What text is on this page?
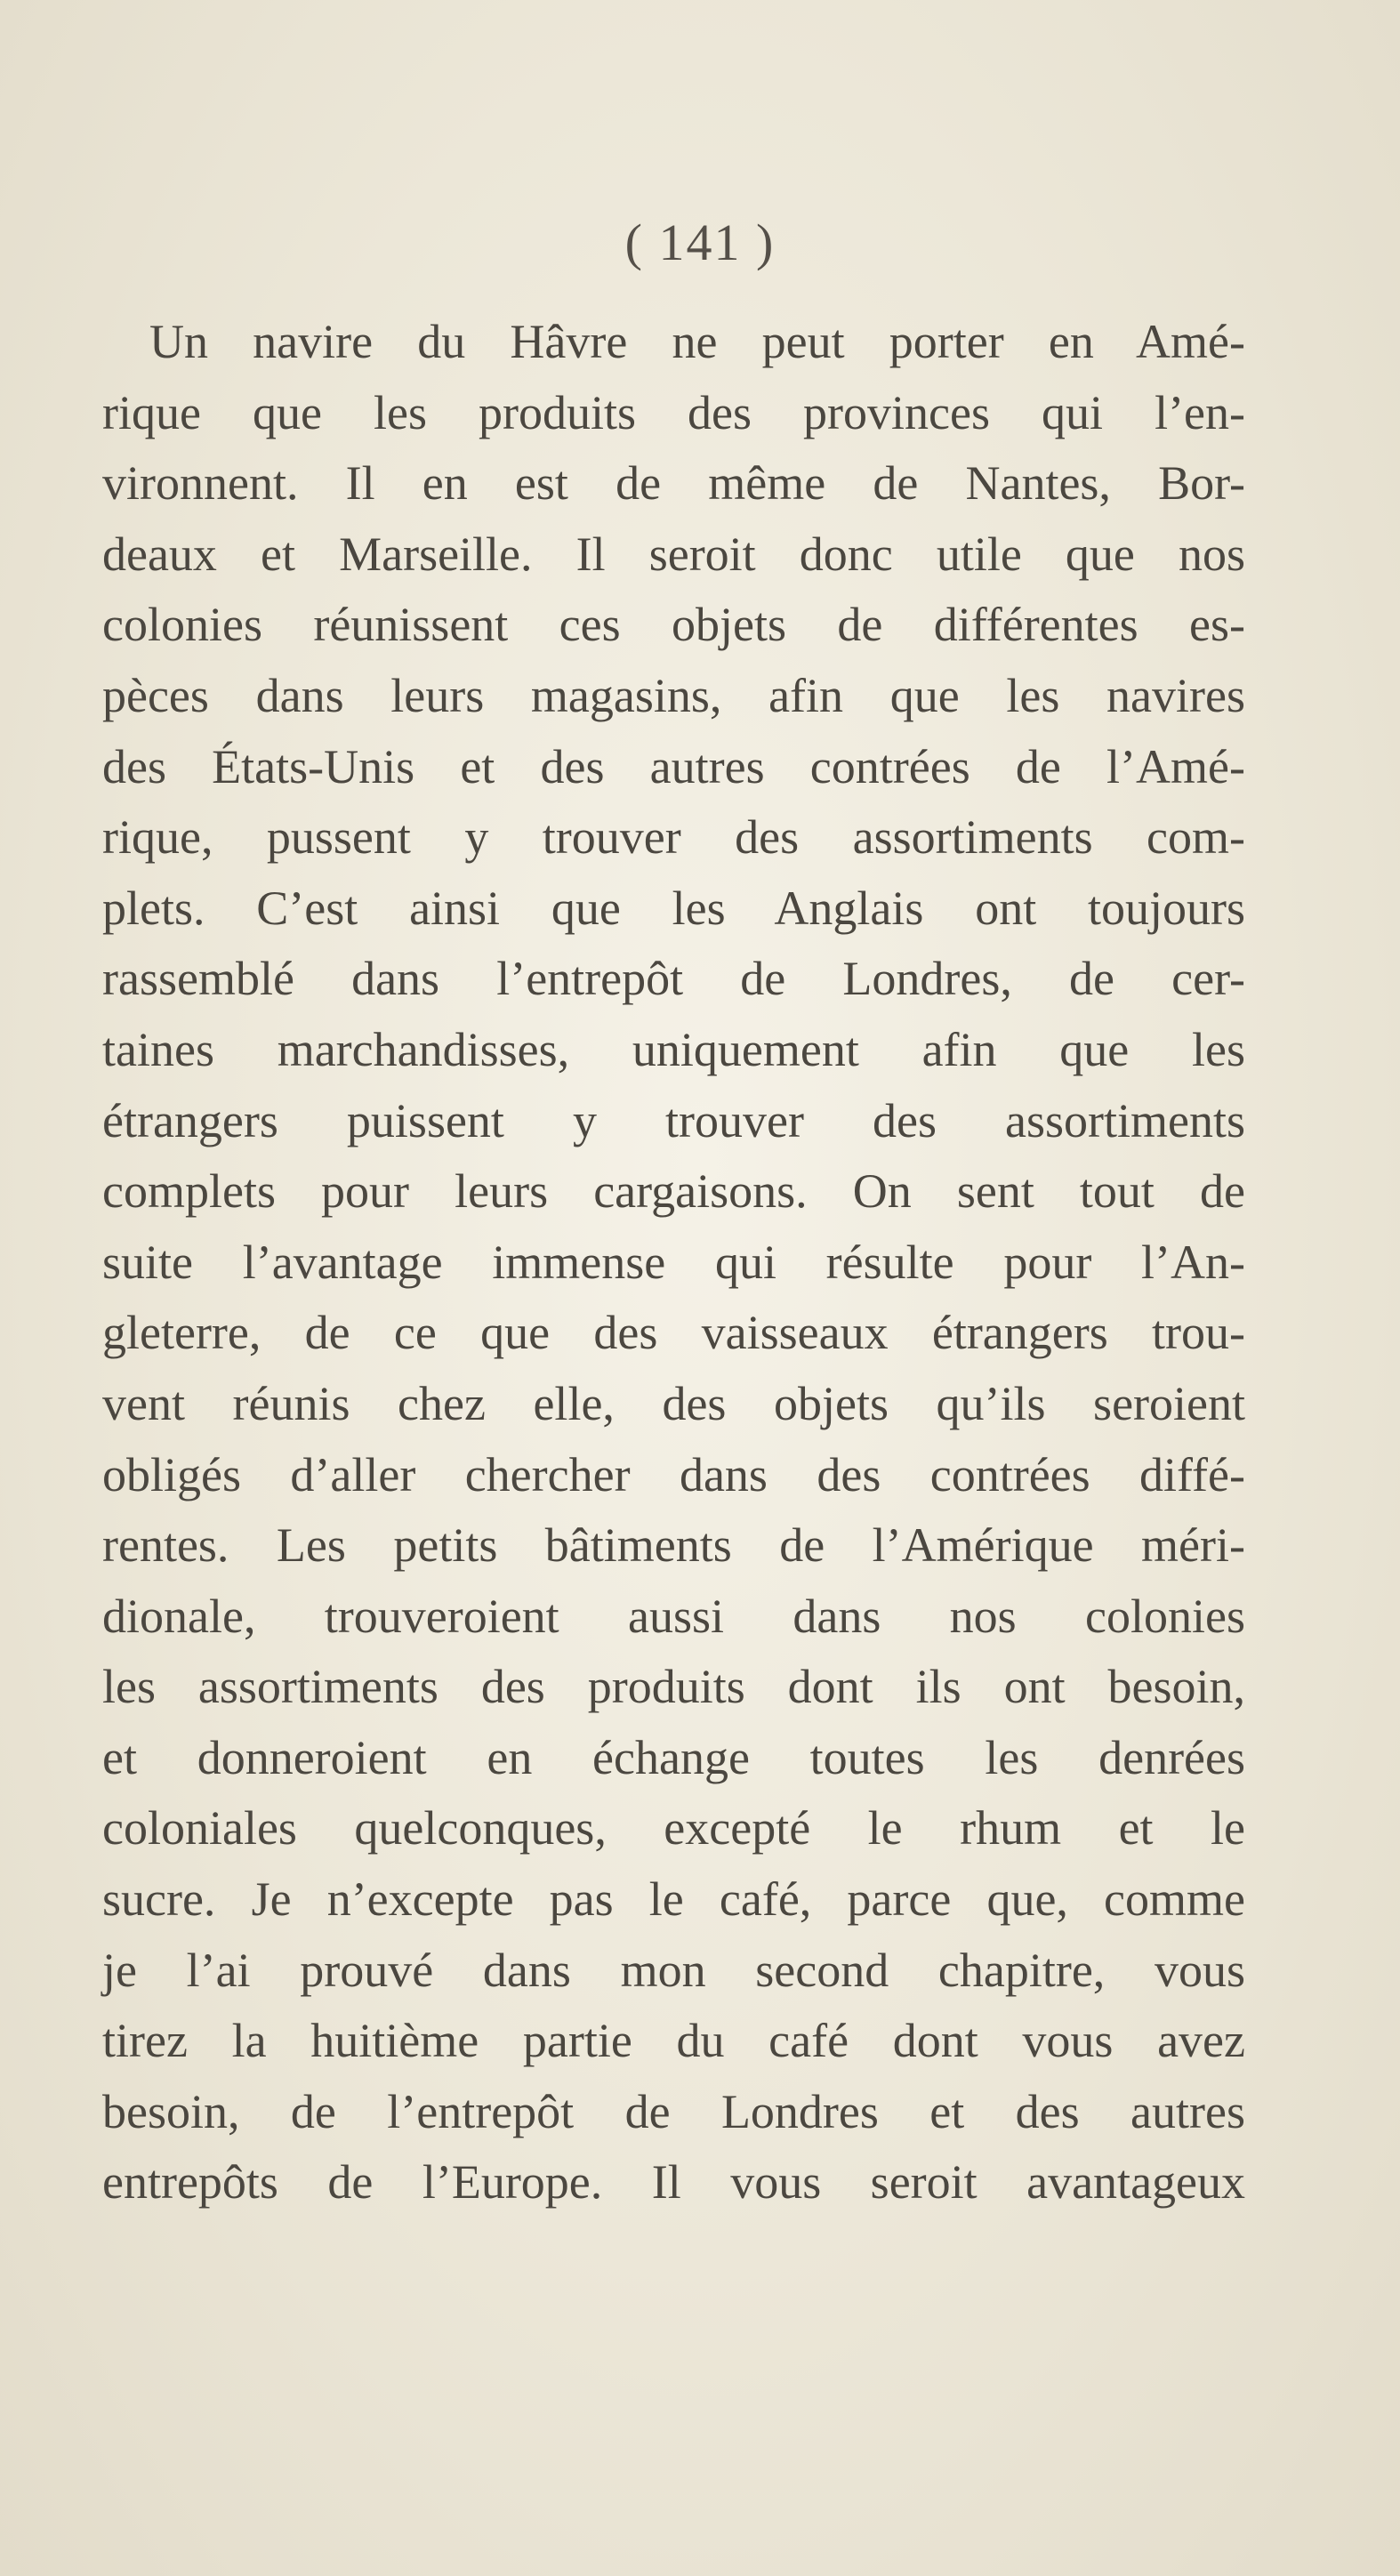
( 141 )
Un navire du Hâvre ne peut porter en Amé-
rique que les produits des provinces qui l’en-
vironnent. Il en est de même de Nantes, Bor-
deaux et Marseille. Il seroit donc utile que nos
colonies réunissent ces objets de différentes es-
pèces dans leurs magasins, afin que les navires
des États-Unis et des autres contrées de l’Amé-
rique, pussent y trouver des assortiments com-
plets. C’est ainsi que les Anglais ont toujours
rassemblé dans l’entrepôt de Londres, de cer-
taines marchandisses, uniquement afin que les
étrangers puissent y trouver des assortiments
complets pour leurs cargaisons. On sent tout de
suite l’avantage immense qui résulte pour l’An-
gleterre, de ce que des vaisseaux étrangers trou-
vent réunis chez elle, des objets qu’ils seroient
obligés d’aller chercher dans des contrées diffé-
rentes. Les petits bâtiments de l’Amérique méri-
dionale, trouveroient aussi dans nos colonies
les assortiments des produits dont ils ont besoin,
et donneroient en échange toutes les denrées
coloniales quelconques, excepté le rhum et le
sucre. Je n’excepte pas le café, parce que, comme
je l’ai prouvé dans mon second chapitre, vous
tirez la huitième partie du café dont vous avez
besoin, de l’entrepôt de Londres et des autres
entrepôts de l’Europe. Il vous seroit avantageux
